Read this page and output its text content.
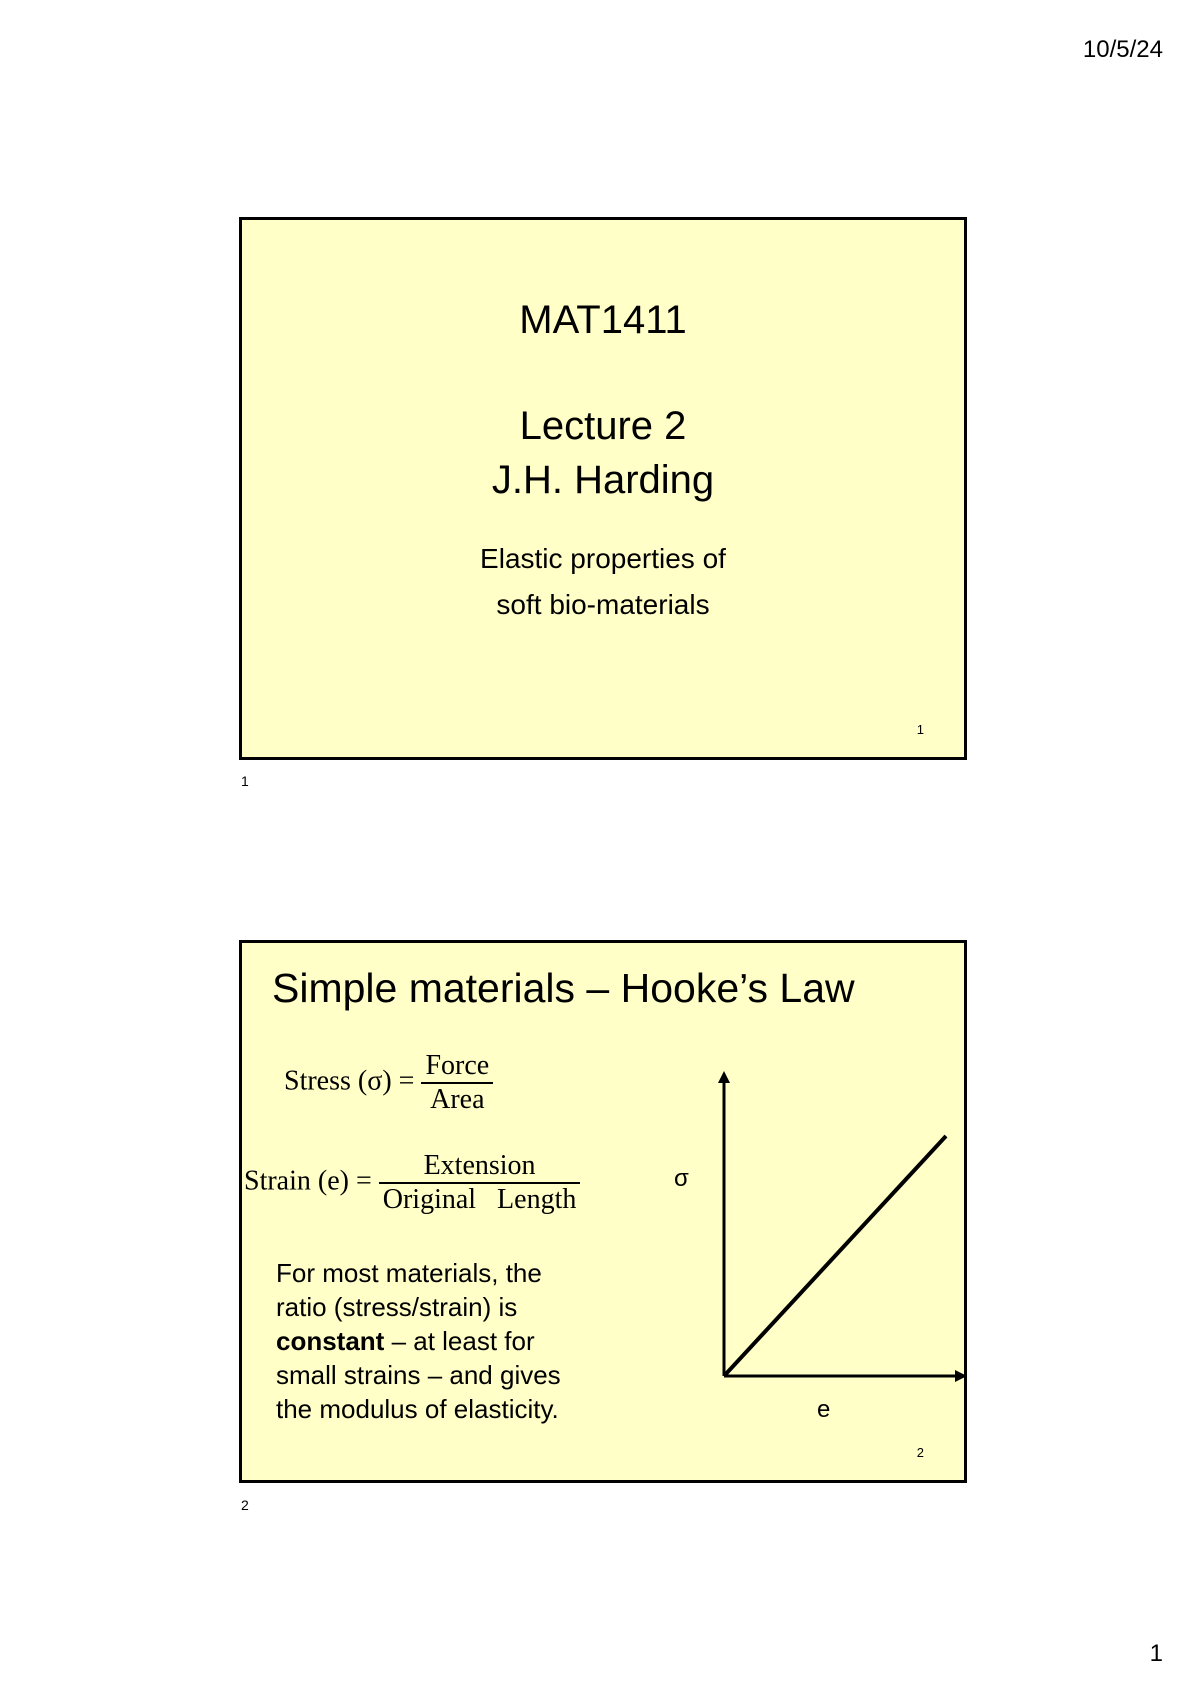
10/5/24
MAT1411
Lecture 2
J.H. Harding
Elastic properties of
soft bio-materials
1
1
Simple materials – Hooke’s Law
Stress $(\sigma) = \frac{\text{Force}}{\text{Area}}$
Strain $(e) = \frac{\text{Extension}}{\text{Original   Length}}$
For most materials, the
ratio (stress/strain) is
constant – at least for
small strains – and gives
the modulus of elasticity.
σ
e
2
2
1
